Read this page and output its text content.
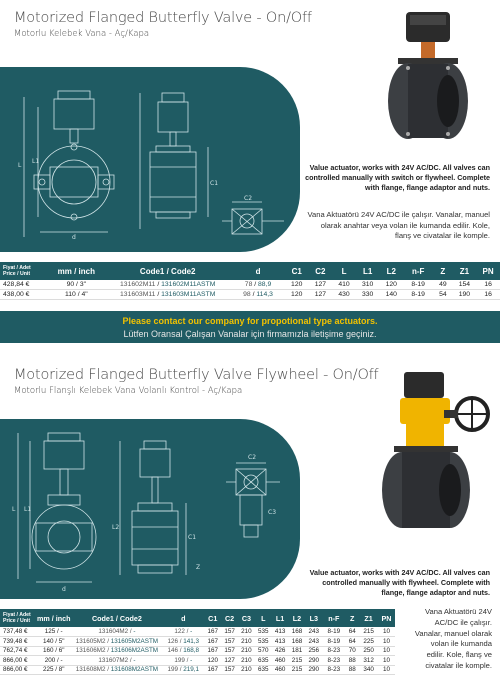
Motorized Flanged Butterfly Valve - On/Off
Motorlu Kelebek Vana - Aç/Kapa
L
L1
d
C1
C2
Value actuator, works with 24V AC/DC. All valves can controlled manually with switch or flywheel. Complete with flange, flange adaptor and nuts.
Vana Aktuatörü 24V AC/DC ile çalışır. Vanalar, manuel olarak anahtar veya volan ile kumanda edilir. Kole, flanş ve civatalar ile komple.
Fiyat / Adet
Price / Unit	mm / inch	Code1 / Code2	d	C1	C2	L	L1	L2	n-F	Z	Z1	PN
428,84 €	90 / 3"	131602M11 / 131602M11ASTM	78 / 88,9	120	127	410	310	120	8-19	49	154	16
438,00 €	110 / 4"	131603M11 / 131603M11ASTM	98 / 114,3	120	127	430	330	140	8-19	54	190	16
Please contact our company for propotional type actuators.
Lütfen Oransal Çalışan Vanalar için firmamızla iletişime geçiniz.
Motorized Flanged Butterfly Valve Flywheel - On/Off
Motorlu Flanşlı Kelebek Vana Volanlı Kontrol - Aç/Kapa
L L1
d
C1
C2
C3
L2
Z
Value actuator, works with 24V AC/DC. All valves can controlled manually with flywheel. Complete with flange, flange adaptor and nuts.
Vana Aktuatörü 24V AC/DC ile çalışır. Vanalar, manuel olarak volan ile kumanda edilir. Kole, flanş ve civatalar ile komple.
Fiyat / Adet
Price / Unit	mm / inch	Code1 / Code2	d	C1	C2	C3	L	L1	L2	L3	n-F	Z	Z1	PN
737,48 €	125 / -	131604M2 / -	122 / -	167	157	210	535	413	168	243	8-19	64	215	10
739,48 €	140 / 5"	131605M2 / 131605M2ASTM	126 / 141,3	167	157	210	535	413	168	243	8-19	64	225	10
762,74 €	160 / 6"	131606M2 / 131606M2ASTM	146 / 168,8	167	157	210	570	426	181	256	8-23	70	250	10
866,00 €	200 / -	131607M2 / -	199 / -	120	127	210	635	460	215	290	8-23	88	312	10
866,00 €	225 / 8"	131608M2 / 131608M2ASTM	199 / 219,1	167	157	210	635	460	215	290	8-23	88	340	10
